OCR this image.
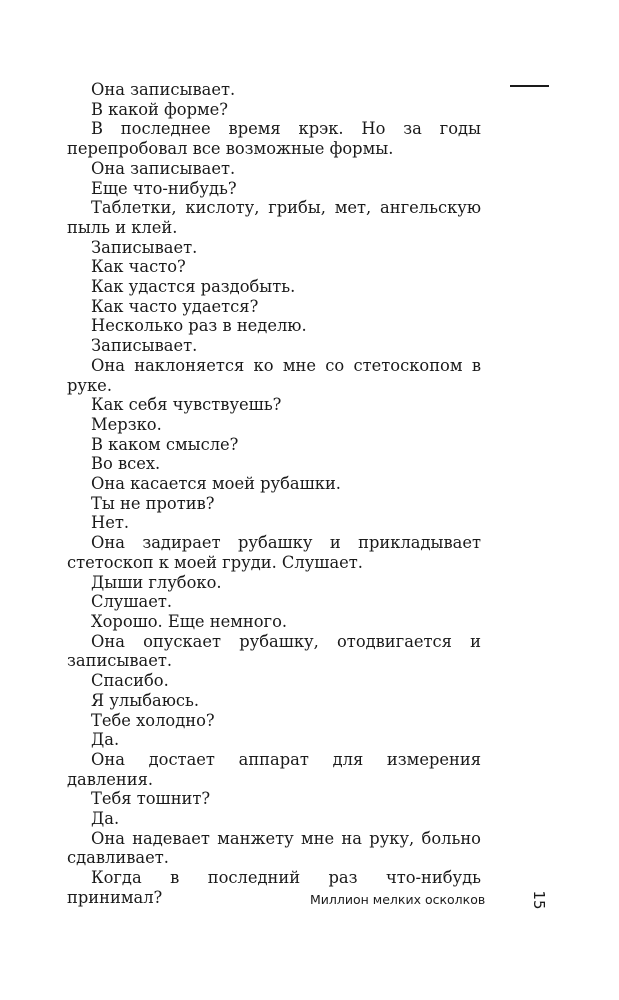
Она записывает.

В какой форме?

В последнее время крэк. Но за годы перепробовал все возможные формы.

Она записывает.

Еще что-нибудь?

Таблетки, кислоту, грибы, мет, ангельскую пыль и клей.

Записывает.

Как часто?

Как удастся раздобыть.

Как часто удается?

Несколько раз в неделю.

Записывает.

Она наклоняется ко мне со стетоскопом в руке.

Как себя чувствуешь?

Мерзко.

В каком смысле?

Во всех.

Она касается моей рубашки.

Ты не против?

Нет.

Она задирает рубашку и прикладывает стетоскоп к моей груди. Слушает.

Дыши глубоко.

Слушает.

Хорошо. Еще немного.

Она опускает рубашку, отодвигается и записывает.

Спасибо.

Я улыбаюсь.

Тебе холодно?

Да.

Она достает аппарат для измерения давления.

Тебя тошнит?

Да.

Она надевает манжету мне на руку, больно сдавливает.

Когда в последний раз что-нибудь принимал?	Миллион мелких осколков	15
